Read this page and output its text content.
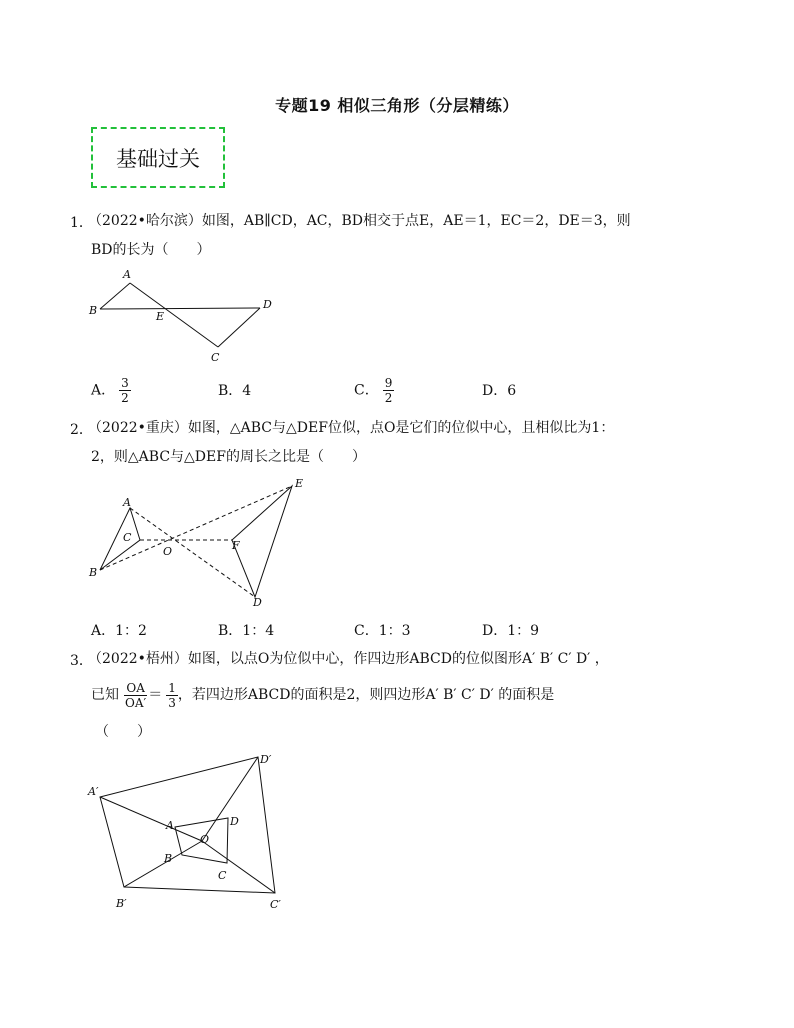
专题19 相似三角形（分层精练）
基础过关
1．
（2022•哈尔滨）如图，AB∥CD，AC，BD相交于点E，AE＝1，EC＝2，DE＝3，则
BD的长为（　　）
A
B	E
D
C
A． $\frac{3}{2}$	B．4	C． $\frac{9}{2}$	D．6
2．
（2022•重庆）如图，△ABC与△DEF位似，点O是它们的位似中心，且相似比为1：
2，则△ABC与△DEF的周长之比是（　　）
A
C
O	F
B
D
E
A．1：2	B．1：4	C．1：3	D．1：9
3．
（2022•梧州）如图，以点O为位似中心，作四边形ABCD的位似图形A′ B′ C′ D′ ，
已知 $\frac{OA}{OA'} = \frac{1}{3}$ ，若四边形ABCD的面积是2，则四边形A′ B′ C′ D′ 的面积是
（　　）
A′
D′
A
O
D
B
C
B′	C′
